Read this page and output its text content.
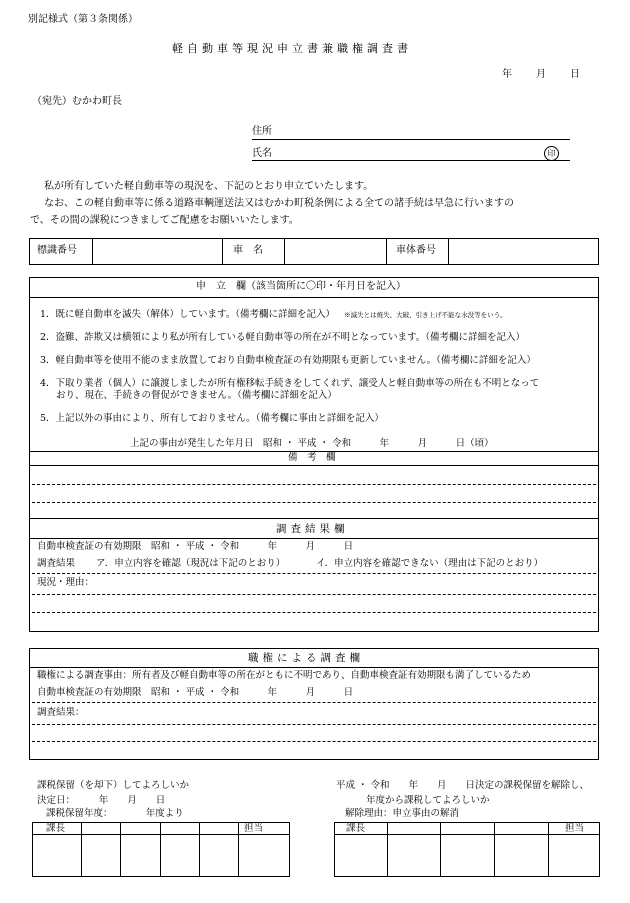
別記様式（第３条関係）
軽自動車等現況申立書兼職権調査書
年 月 日
（宛先）むかわ町長
住所
氏名	印
私が所有していた軽自動車等の現況を、下記のとおり申立ていたします。
なお、この軽自動車等に係る道路車輌運送法又はむかわ町税条例による全ての諸手続は早急に行いますの
で、その間の課税につきましてご配慮をお願いいたします。
標識番号	車　名	車体番号
申　立　欄（該当箇所に〇印・年月日を記入）
1．既に軽自動車を滅失（解体）しています。（備考欄に詳細を記入） ※滅失とは焼失、大破、引き上げ不能な水没等をいう。
2．盗難、詐欺又は横領により私が所有している軽自動車等の所在が不明となっています。（備考欄に詳細を記入）
3．軽自動車等を使用不能のまま放置しており自動車検査証の有効期限も更新していません。（備考欄に詳細を記入）
4．下取り業者（個人）に譲渡しましたが所有権移転手続きをしてくれず、譲受人と軽自動車等の所在も不明となって
おり、現在、手続きの督促ができません。（備考欄に詳細を記入）
5．上記以外の事由により、所有しておりません。（備考欄に事由と詳細を記入）
上記の事由が発生した年月日　昭和 ・ 平成 ・ 令和　　　年　　　月　　　日（頃）
備　考　欄
調査結果欄
自動車検査証の有効期限　昭和 ・ 平成 ・ 令和　　　年　　　月　　　日
調査結果 ア．申立内容を確認（現況は下記のとおり）	イ．申立内容を確認できない（理由は下記のとおり）
現況・理由：
職権による調査欄
職権による調査事由：所有者及び軽自動車等の所在がともに不明であり、自動車検査証有効期限も満了しているため
自動車検査証の有効期限　昭和 ・ 平成 ・ 令和　　　年　　　月　　　日
調査結果：
課税保留（を却下）してよろしいか
決定日：　　　年　　月　　日
課税保留年度：　　　　年度より
課長	担当
平成 ・ 令和　　年　　月　　日決定の課税保留を解除し、
年度から課税してよろしいか
解除理由：申立事由の解消
課長	担当
